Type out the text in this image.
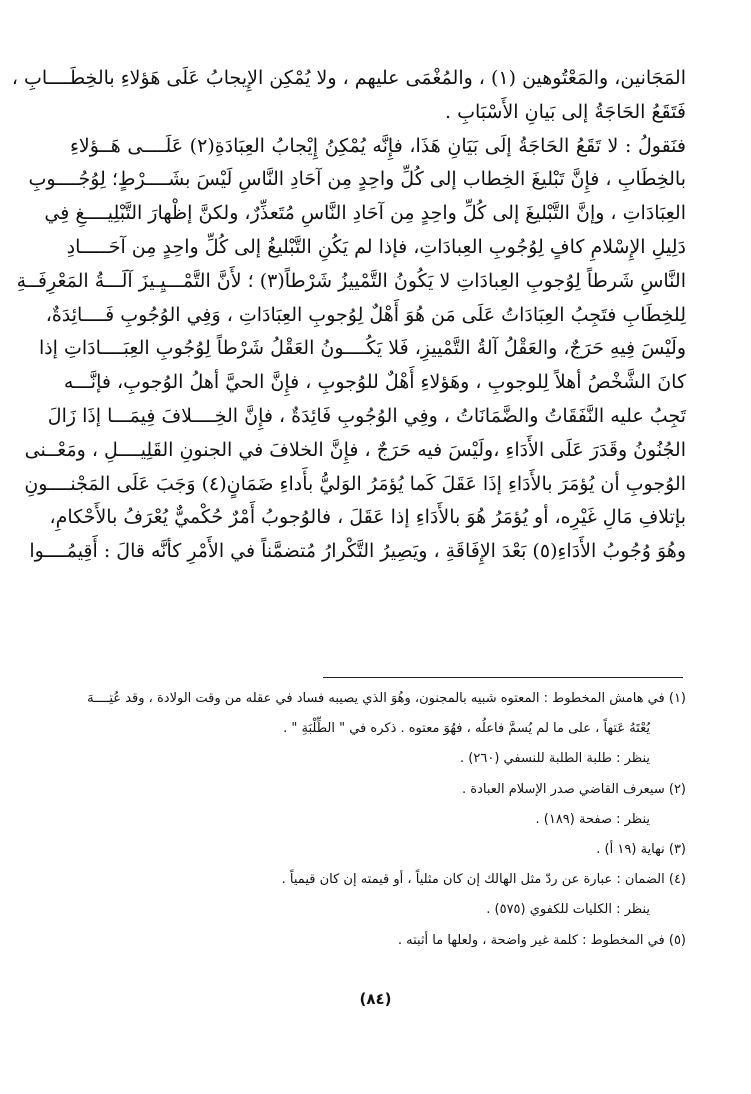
المَجَانين، والمَعْتُوهين (١) ، والمُغْمَى عليهم ، ولا يُمْكِن الإِيجابُ عَلَى هَؤلاءِ بالخِطَــــابِ ،
فَتَقَعُ الحَاجَةُ إلى بَيانِ الأَسْبَابِ .
فنَقولُ : لا تَقَعُ الحَاجَةُ إلَى بَيَانِ هَذَا، فإِنَّه يُمْكِنُ إِيْجابُ العِبَادَةِ(٢) عَلَــــى هَــؤلاءِ
بالخِطَابِ ، فإِنَّ تَبْليغَ الخِطاب إلى كُلِّ واحِدٍ مِن آحَادِ النَّاسِ لَيْسَ بشَــــرْطٍ؛ لِوُجُــــوبِ
العِبَادَاتِ ، وإنَّ التَّبْليغَ إلى كُلِّ واحِدٍ مِن آحَادِ النَّاسِ مُتَعذِّرٌ، ولكنَّ إظْهارَ التَّبْلِيــــغِ فِي
دَلِيلِ الإِسْلامِ كافٍ لِوُجُوبِ العِبادَاتِ، فإذا لم يَكُنِ التَّبْليغُ إلى كُلِّ واحِدٍ مِن آحَـــــادِ
النَّاسِ شَرطاً لِوُجوبِ العِبادَاتِ لا يَكُونُ التَّمْييزُ شَرْطاً(٣) ؛ لأَنَّ التَّمْـــيِـيزَ آلَـــةُ المَعْرِفَــةِ
لِلخِطَابِ فتَجِبُ العِبَادَاتُ عَلَى مَن هُوَ أَهْلٌ لِوُجوبِ العِبَادَاتِ ، وَفِي الوُجُوبِ فَــــائِدَةٌ،
ولَيْسَ فِيهِ حَرَجٌ، والعَقْلُ آلةُ التَّمْييزِ، فَلا يَكُــــونُ العَقْلُ شَرْطاً لِوُجُوبِ العِبَــــادَاتِ إذا
كانَ الشَّخْصُ أهلاً لِلوجوبِ ، وهَؤلاءِ أَهْلٌ للوُجوبِ ، فإِنَّ الحيَّ أهلُ الوُجوبِ، فإنَّـــه
تَجِبُ عليه النَّفَقَاتُ والضَّمَانَاتُ ، وفِي الوُجُوبِ فَائِدَةٌ ، فإِنَّ الخِــــلافَ فِيمَـــا إذَا زَالَ
الجُنُونُ وقَدَرَ عَلَى الأَدَاءِ ،ولَيْسَ فيه حَرَجٌ ، فإِنَّ الخلافَ في الجنونِ القَلِيــــلِ ، ومَعْــنى
الوُجوبِ أن يُؤمَرَ بالأَدَاءِ إذَا عَقَلَ كَما يُؤمَرُ الوَليُّ بأَداءِ ضَمَانٍ(٤) وَجَبَ عَلَى المَجْنــــونِ
بإتلافِ مَالِ غَيْرِه، أو يُؤمَرُ هُوَ بالأَدَاءِ إذا عَقَلَ ، فالوُجوبُ أَمْرٌ حُكْميٌّ يُعْرَفُ بالأَحْكامِ،
وهُوَ وُجُوبُ الأَدَاءِ(٥) بَعْدَ الإِفَاقَةِ ، ويَصِيرُ التَّكْرارُ مُتضمَّناً في الأَمْرِ كأنَّه قالَ : أَقِيمُــــوا
(١) في هامش المخطوط : المعتوه شبيه بالمجنون، وهُوَ الذي يصيبه فساد في عقله من وقت الولادة ، وقد عُتِــــهَ
يُعْتَهُ عَتهاً ، على ما لم يُسمَّ فاعلُه ، فهُوَ معتوه . ذكره في " الطِّلْبَةِ " .
ينظر : طلبة الطلبة للنسفي (٢٦٠) .
(٢) سيعرف القاضي صدر الإسلام العبادة .
ينظر : صفحة (١٨٩) .
(٣) نهاية (١٩ أ) .
(٤) الضمان : عبارة عن ردّ مثل الهالك إن كان مثلياً ، أو قيمته إن كان قيمياً .
ينظر : الكليات للكفوي (٥٧٥) .
(٥) في المخطوط : كلمة غير واضحة ، ولعلها ما أثبته .
(٨٤)
